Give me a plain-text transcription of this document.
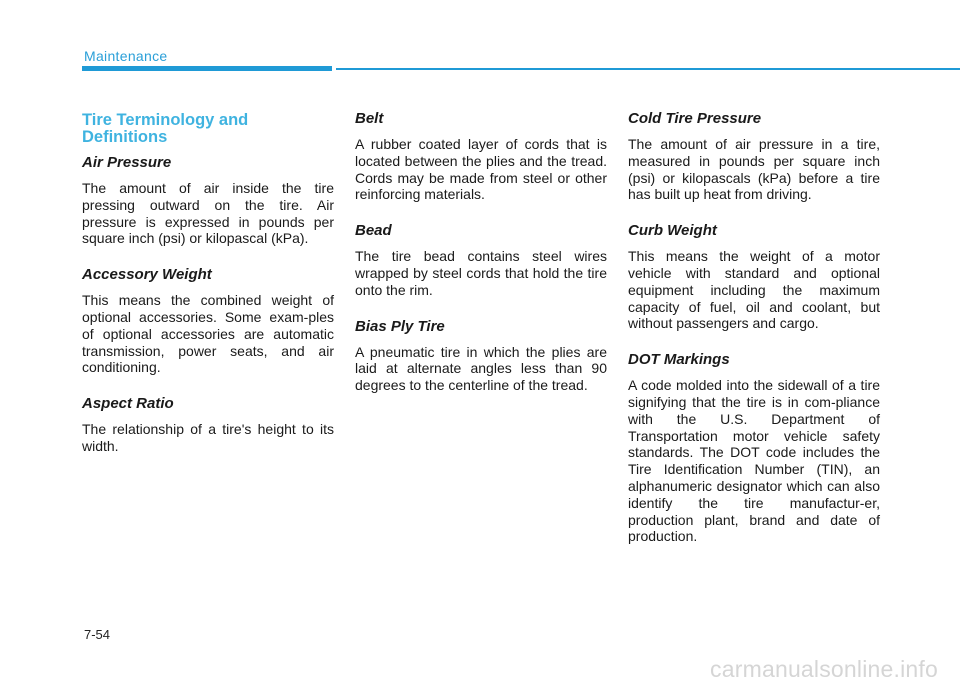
Maintenance
Tire Terminology and Definitions
Air Pressure
The amount of air inside the tire pressing outward on the tire. Air pressure is expressed in pounds per square inch (psi) or kilopascal (kPa).
Accessory Weight
This means the combined weight of optional accessories. Some exam-ples of optional accessories are automatic transmission, power seats, and air conditioning.
Aspect Ratio
The relationship of a tire's height to its width.
Belt
A rubber coated layer of cords that is located between the plies and the tread. Cords may be made from steel or other reinforcing materials.
Bead
The tire bead contains steel wires wrapped by steel cords that hold the tire onto the rim.
Bias Ply Tire
A pneumatic tire in which the plies are laid at alternate angles less than 90 degrees to the centerline of the tread.
Cold Tire Pressure
The amount of air pressure in a tire, measured in pounds per square inch (psi) or kilopascals (kPa) before a tire has built up heat from driving.
Curb Weight
This means the weight of a motor vehicle with standard and optional equipment including the maximum capacity of fuel, oil and coolant, but without passengers and cargo.
DOT Markings
A code molded into the sidewall of a tire signifying that the tire is in com-pliance with the U.S. Department of Transportation motor vehicle safety standards. The DOT code includes the Tire Identification Number (TIN), an alphanumeric designator which can also identify the tire manufactur-er, production plant, brand and date of production.
7-54
carmanualsonline.info
